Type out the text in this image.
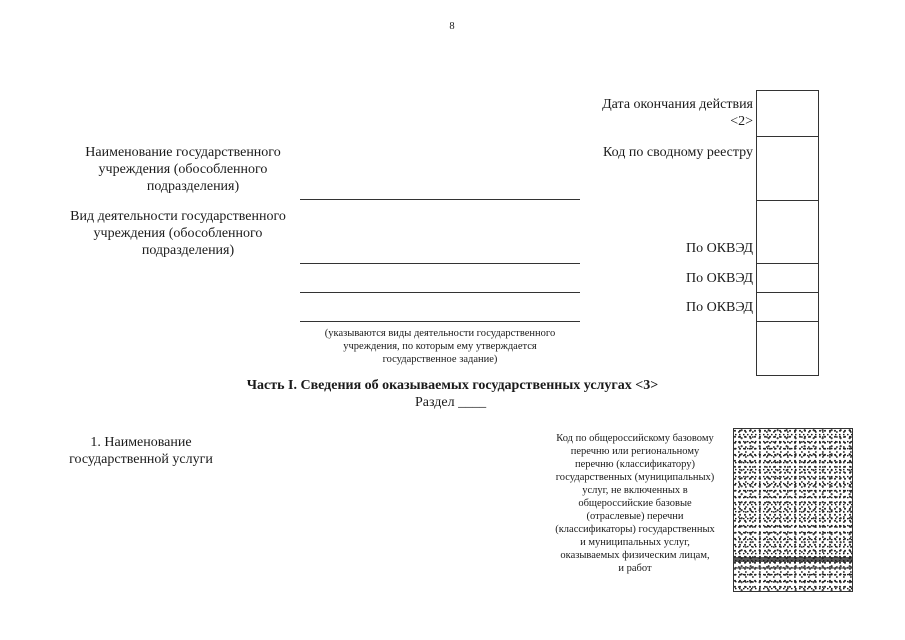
8
Дата окончания действия
<2>
Код по сводному реестру
По ОКВЭД
По ОКВЭД
По ОКВЭД
Наименование государственного
учреждения (обособленного
подразделения)
Вид деятельности государственного
учреждения (обособленного
подразделения)
(указываются виды деятельности государственного
учреждения, по которым ему утверждается
государственное задание)
Часть I. Сведения об оказываемых государственных услугах <3>
Раздел ____
1. Наименование
государственной услуги
Код по общероссийскому базовому
перечню или региональному
перечню (классификатору)
государственных (муниципальных)
услуг, не включенных в
общероссийские базовые
(отраслевые) перечни
(классификаторы) государственных
и муниципальных услуг,
оказываемых физическим лицам,
и работ
